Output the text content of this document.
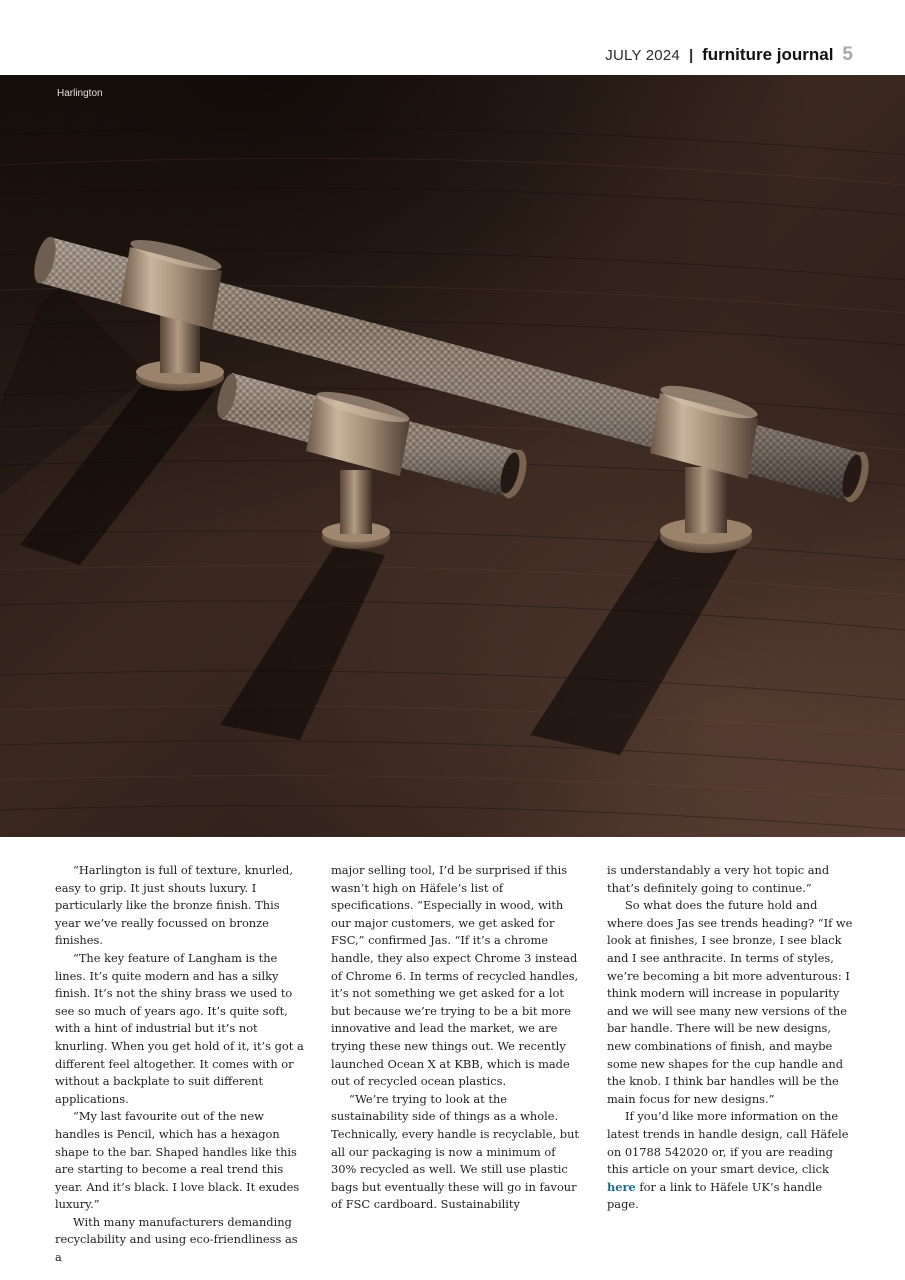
JULY 2024 | furniture journal 5
Harlington

“Harlington is full of texture, knurled, easy to grip. It just shouts luxury. I particularly like the bronze finish. This year we’ve really focussed on bronze finishes.

“The key feature of Langham is the lines. It’s quite modern and has a silky finish. It’s not the shiny brass we used to see so much of years ago. It’s quite soft, with a hint of industrial but it’s not knurling. When you get hold of it, it’s got a different feel altogether. It comes with or without a backplate to suit different applications.

“My last favourite out of the new handles is Pencil, which has a hexagon shape to the bar. Shaped handles like this are starting to become a real trend this year. And it’s black. I love black. It exudes luxury.”

With many manufacturers demanding recyclability and using eco-friendliness as a

major selling tool, I’d be surprised if this wasn’t high on Häfele’s list of specifications. “Especially in wood, with our major customers, we get asked for FSC,” confirmed Jas. “If it’s a chrome handle, they also expect Chrome 3 instead of Chrome 6. In terms of recycled handles, it’s not something we get asked for a lot but because we’re trying to be a bit more innovative and lead the market, we are trying these new things out. We recently launched Ocean X at KBB, which is made out of recycled ocean plastics.

“We’re trying to look at the sustainability side of things as a whole. Technically, every handle is recyclable, but all our packaging is now a minimum of 30% recycled as well. We still use plastic bags but eventually these will go in favour of FSC cardboard. Sustainability

is understandably a very hot topic and that’s definitely going to continue.”

So what does the future hold and where does Jas see trends heading? “If we look at finishes, I see bronze, I see black and I see anthracite. In terms of styles, we’re becoming a bit more adventurous: I think modern will increase in popularity and we will see many new versions of the bar handle. There will be new designs, new combinations of finish, and maybe some new shapes for the cup handle and the knob. I think bar handles will be the main focus for new designs.”

If you’d like more information on the latest trends in handle design, call Häfele on 01788 542020 or, if you are reading this article on your smart device, click here for a link to Häfele UK’s handle page.
